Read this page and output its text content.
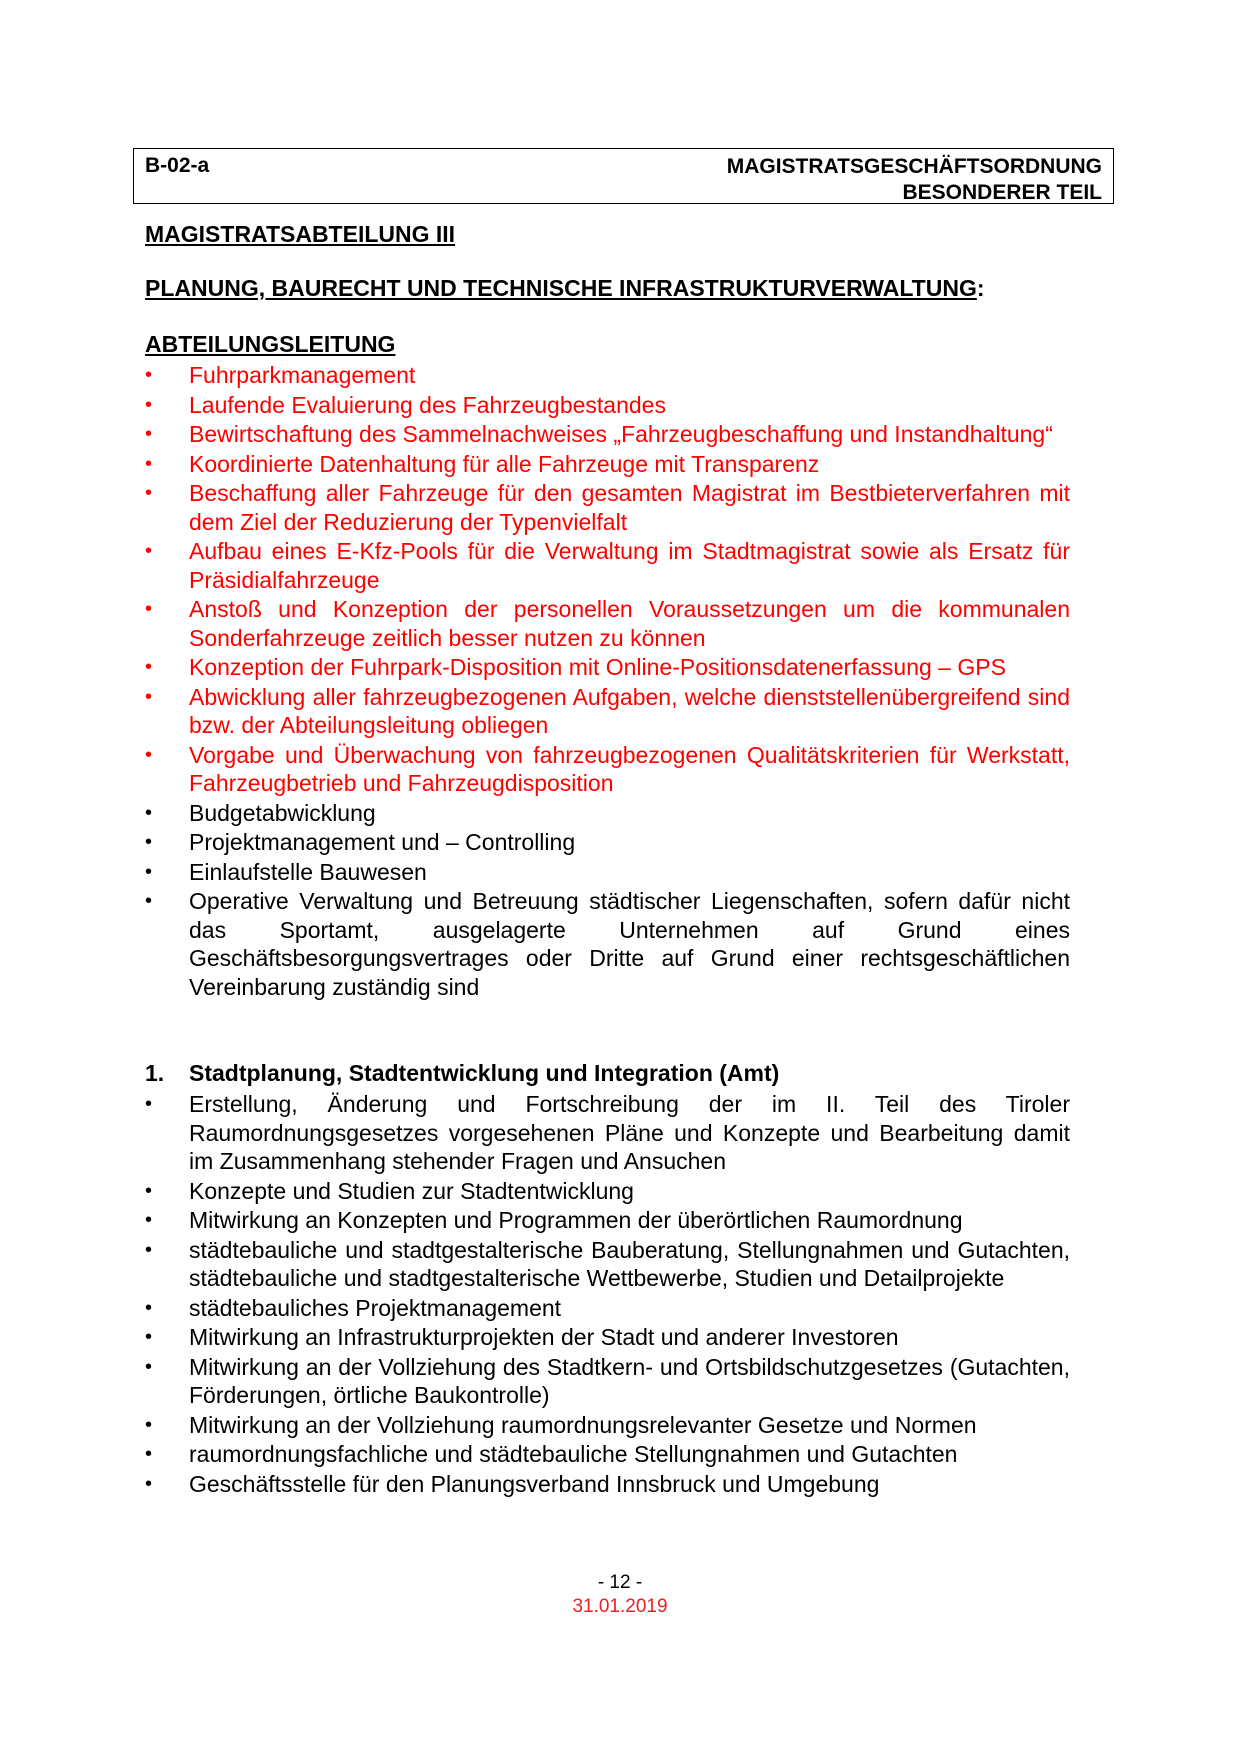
B-02-a	MAGISTRATSGESCHÄFTSORDNUNG
BESONDERER TEIL
MAGISTRATSABTEILUNG III
PLANUNG, BAURECHT UND TECHNISCHE INFRASTRUKTURVERWALTUNG:
ABTEILUNGSLEITUNG
•	Fuhrparkmanagement
•	Laufende Evaluierung des Fahrzeugbestandes
•	Bewirtschaftung des Sammelnachweises „Fahrzeugbeschaffung und Instandhaltung“
•	Koordinierte Datenhaltung für alle Fahrzeuge mit Transparenz
•	Beschaffung aller Fahrzeuge für den gesamten Magistrat im Bestbieterverfahren mit dem Ziel der Reduzierung der Typenvielfalt
•	Aufbau eines E-Kfz-Pools für die Verwaltung im Stadtmagistrat sowie als Ersatz für Präsidialfahrzeuge
•	Anstoß und Konzeption der personellen Voraussetzungen um die kommunalen Sonderfahrzeuge zeitlich besser nutzen zu können
•	Konzeption der Fuhrpark-Disposition mit Online-Positionsdatenerfassung – GPS
•	Abwicklung aller fahrzeugbezogenen Aufgaben, welche dienststellenübergreifend sind bzw. der Abteilungsleitung obliegen
•	Vorgabe und Überwachung von fahrzeugbezogenen Qualitätskriterien für Werkstatt, Fahrzeugbetrieb und Fahrzeugdisposition
•	Budgetabwicklung
•	Projektmanagement und – Controlling
•	Einlaufstelle Bauwesen
•	Operative Verwaltung und Betreuung städtischer Liegenschaften, sofern dafür nicht das Sportamt, ausgelagerte Unternehmen auf Grund eines Geschäftsbesorgungsvertrages oder Dritte auf Grund einer rechtsgeschäftlichen Vereinbarung zuständig sind
1. Stadtplanung, Stadtentwicklung und Integration (Amt)
•	Erstellung, Änderung und Fortschreibung der im II. Teil des Tiroler Raumordnungsgesetzes vorgesehenen Pläne und Konzepte und Bearbeitung damit im Zusammenhang stehender Fragen und Ansuchen
•	Konzepte und Studien zur Stadtentwicklung
•	Mitwirkung an Konzepten und Programmen der überörtlichen Raumordnung
•	städtebauliche und stadtgestalterische Bauberatung, Stellungnahmen und Gutachten, städtebauliche und stadtgestalterische Wettbewerbe, Studien und Detailprojekte
•	städtebauliches Projektmanagement
•	Mitwirkung an Infrastrukturprojekten der Stadt und anderer Investoren
•	Mitwirkung an der Vollziehung des Stadtkern- und Ortsbildschutzgesetzes (Gutachten, Förderungen, örtliche Baukontrolle)
•	Mitwirkung an der Vollziehung raumordnungsrelevanter Gesetze und Normen
•	raumordnungsfachliche und städtebauliche Stellungnahmen und Gutachten
•	Geschäftsstelle für den Planungsverband Innsbruck und Umgebung
- 12 -
31.01.2019
